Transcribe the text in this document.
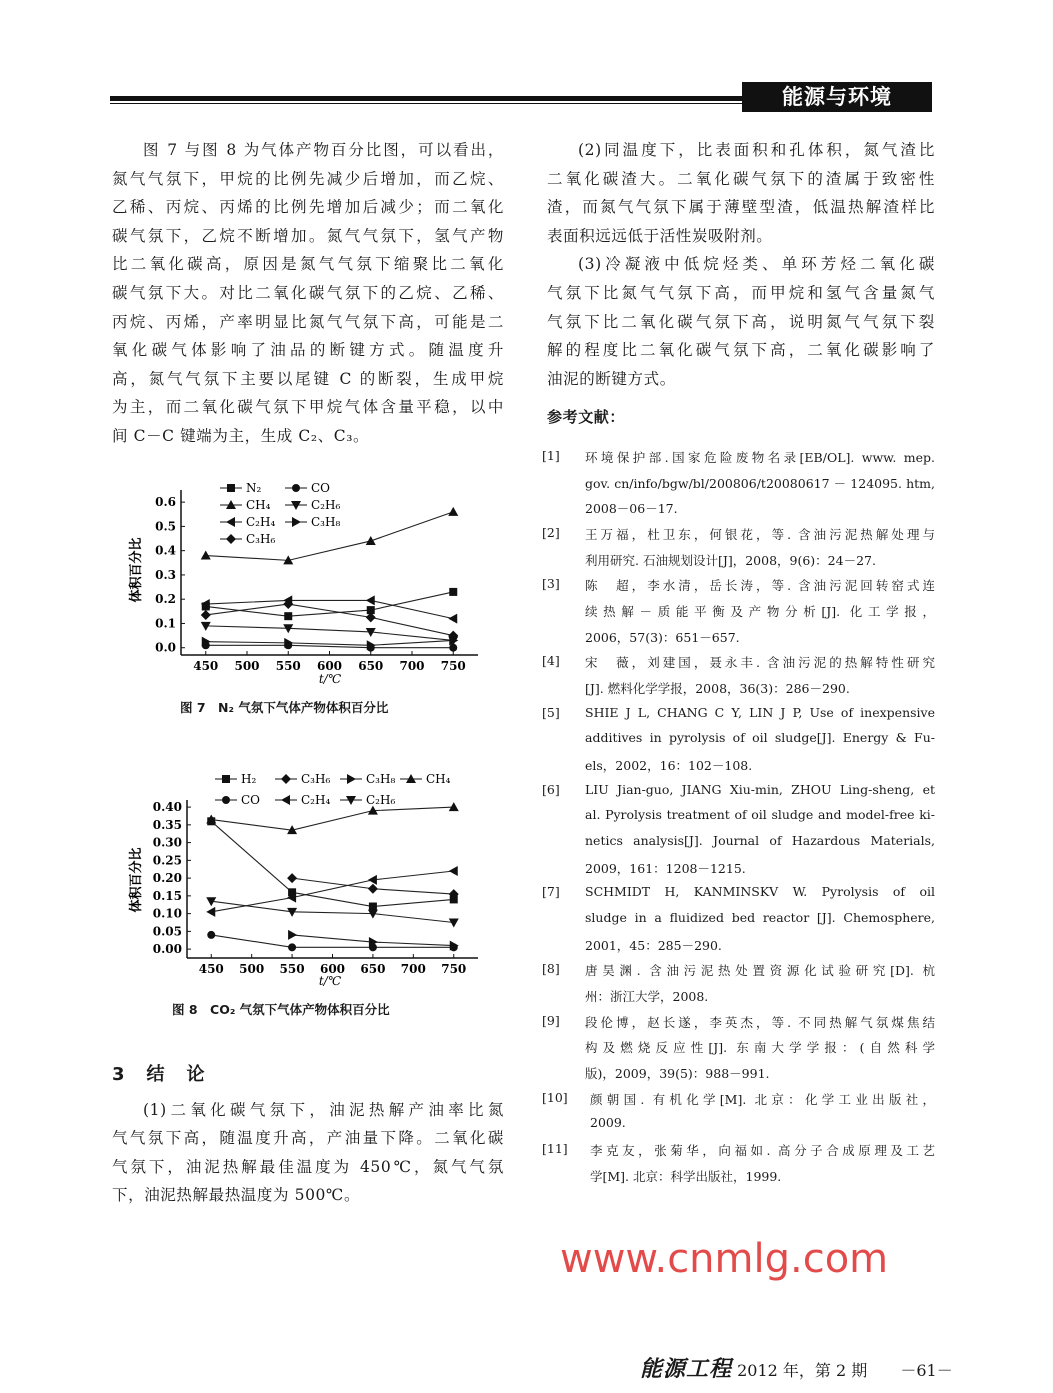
能源与环境
图 7 与图 8 为气体产物百分比图，可以看出，
氮气气氛下，甲烷的比例先减少后增加，而乙烷、
乙稀、丙烷、丙烯的比例先增加后减少；而二氧化
碳气氛下，乙烷不断增加。氮气气氛下，氢气产物
比二氧化碳高，原因是氮气气氛下缩聚比二氧化
碳气氛下大。对比二氧化碳气氛下的乙烷、乙稀、
丙烷、丙烯，产率明显比氮气气氛下高，可能是二
氧化碳气体影响了油品的断键方式。随温度升
高，氮气气氛下主要以尾键 C 的断裂，生成甲烷
为主，而二氧化碳气氛下甲烷气体含量平稳，以中
间 C－C 键端为主，生成 C₂、C₃。
(2)同温度下，比表面积和孔体积，氮气渣比
二氧化碳渣大。二氧化碳气氛下的渣属于致密性
渣，而氮气气氛下属于薄壁型渣，低温热解渣样比
表面积远远低于活性炭吸附剂。
(3)冷凝液中低烷烃类、单环芳烃二氧化碳
气氛下比氮气气氛下高，而甲烷和氢气含量氮气
气氛下比二氧化碳气氛下高，说明氮气气氛下裂
解的程度比二氧化碳气氛下高，二氧化碳影响了
油泥的断键方式。
参考文献：
[1] 环境保护部.国家危险废物名录[EB/OL]. www. mep.
gov. cn/info/bgw/bl/200806/t20080617 － 124095. htm,
2008－06－17.
[2] 王万福，杜卫东，何银花，等. 含油污泥热解处理与
利用研究. 石油规划设计[J]，2008，9(6)：24－27.
[3] 陈　超，李水清，岳长涛，等. 含油污泥回转窑式连
续热解－质能平衡及产物分析[J]. 化工学报，
2006，57(3)：651－657.
[4] 宋　薇，刘建国，聂永丰. 含油污泥的热解特性研究
[J]. 燃料化学学报，2008，36(3)：286－290.
[5] SHIE J L, CHANG C Y, LIN J P, Use of inexpensive
additives in pyrolysis of oil sludge[J]. Energy & Fu-
els，2002，16：102－108.
[6] LIU Jian-guo, JIANG Xiu-min, ZHOU Ling-sheng, et
al. Pyrolysis treatment of oil sludge and model-free ki-
netics analysis[J]. Journal of Hazardous Materials,
2009，161：1208－1215.
[7] SCHMIDT H, KANMINSKV W. Pyrolysis of oil
sludge in a fluidized bed reactor [J]. Chemosphere,
2001，45：285－290.
[8] 唐昊渊. 含油污泥热处置资源化试验研究[D]. 杭
州：浙江大学，2008.
[9] 段伦博，赵长遂，李英杰，等. 不同热解气氛煤焦结
构及燃烧反应性[J]. 东南大学学报：(自然科学
版)，2009，39(5)：988－991.
[10] 颜朝国. 有机化学[M]. 北京：化学工业出版社，
2009.
[11] 李克友，张菊华，向福如. 高分子合成原理及工艺
学[M]. 北京：科学出版社，1999.
3　结　论
(1)二氧化碳气氛下，油泥热解产油率比氮
气气氛下高，随温度升高，产油量下降。二氧化碳
气氛下，油泥热解最佳温度为 450℃，氮气气氛
下，油泥热解最热温度为 500℃。
450 500 550 600 650 700 750
0.0
0.1
0.2
0.3
0.4
0.5
0.6
t/℃
体积百分比
N₂	CO
CH₄	C₂H₆
C₂H₄	C₃H₈
C₃H₆
450 500 550 600 650 700 750
0.00
0.05
0.10
0.15
0.20
0.25
0.30
0.35
0.40
t/℃
体积百分比
H₂	C₃H₆	C₃H₈	CH₄
CO	C₂H₄	C₂H₆
图 7　N₂ 气氛下气体产物体积百分比
图 8　CO₂ 气氛下气体产物体积百分比
www.cnmlg.com
能源工程 2012 年，第 2 期 －61－
